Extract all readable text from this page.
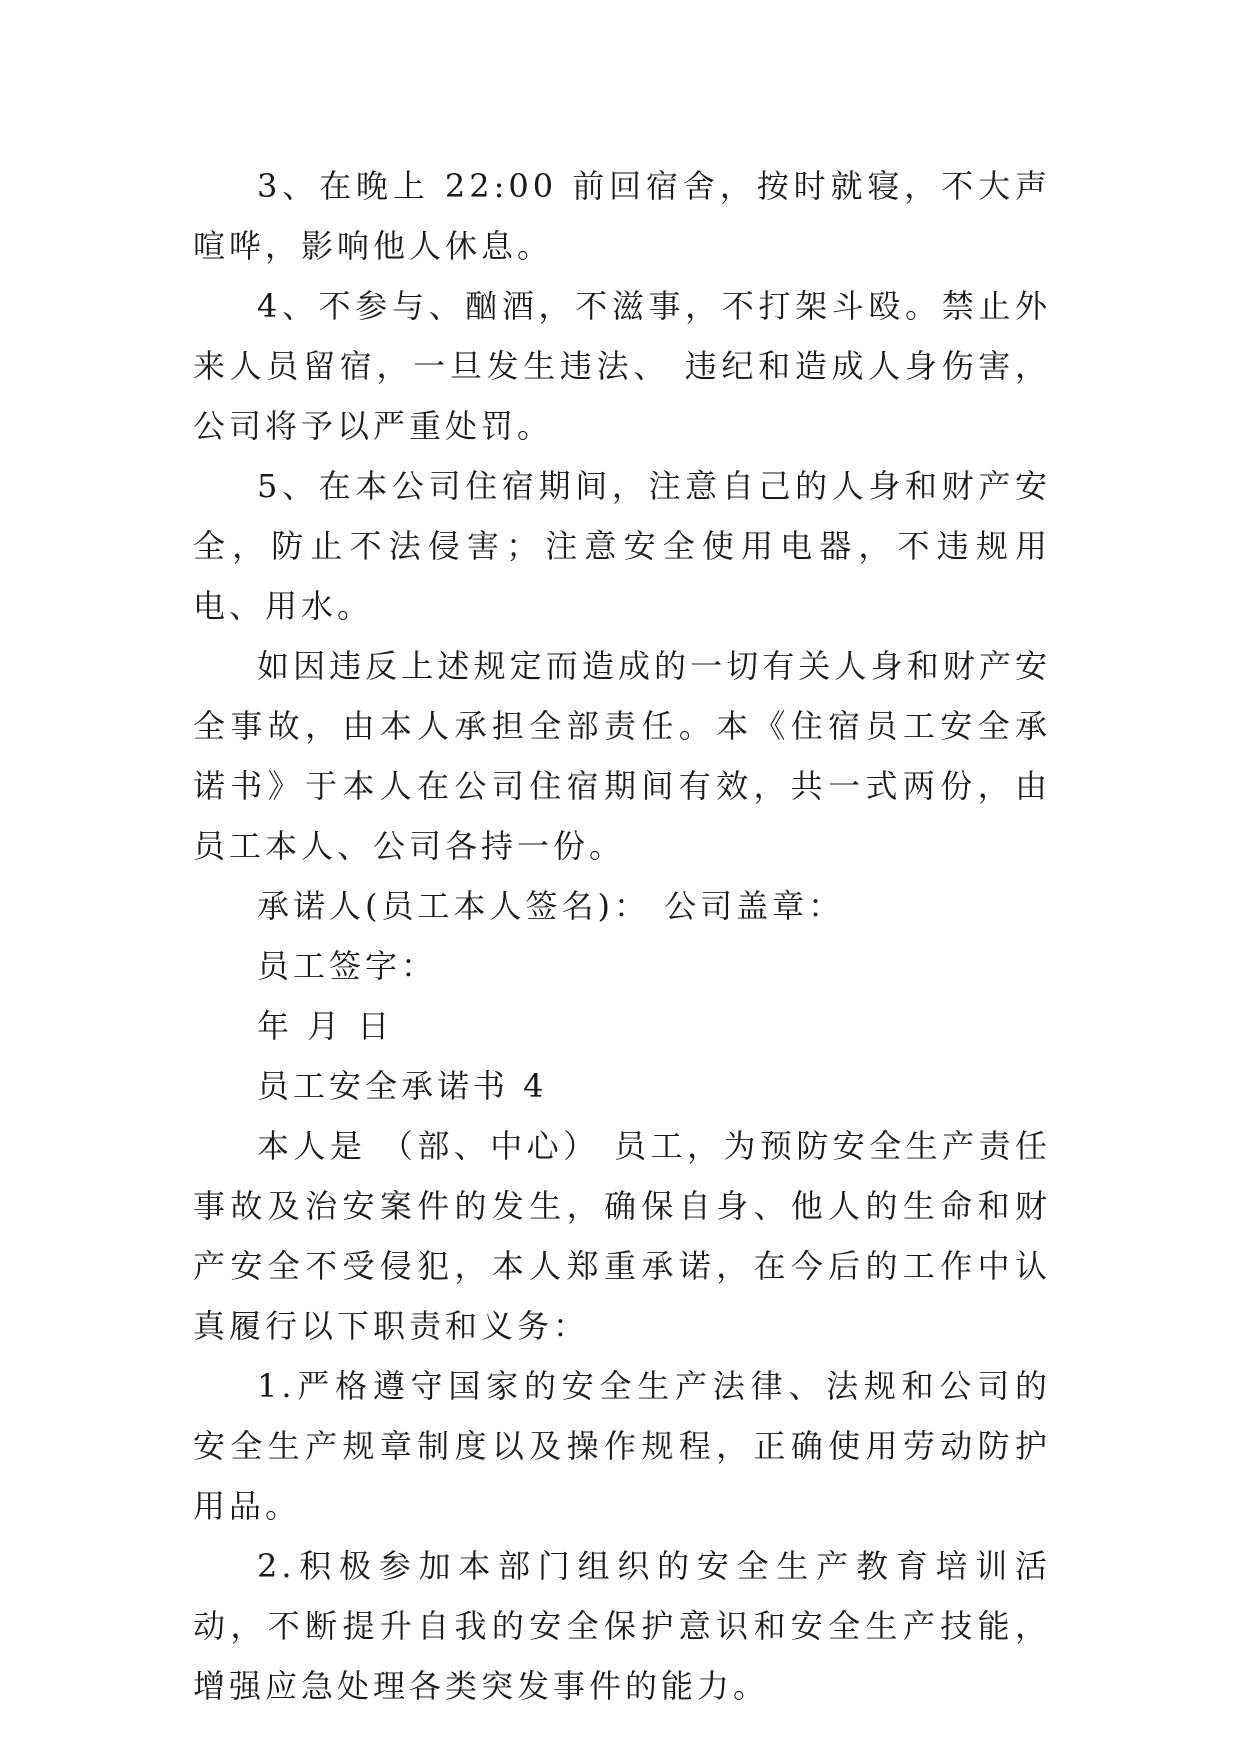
3、在晚上 22:00 前回宿舍，按时就寝，不大声喧哗，影响他人休息。

4、不参与、酗酒，不滋事，不打架斗殴。禁止外来人员留宿，一旦发生违法、 违纪和造成人身伤害，公司将予以严重处罚。

5、在本公司住宿期间，注意自己的人身和财产安全，防止不法侵害；注意安全使用电器，不违规用电、用水。

如因违反上述规定而造成的一切有关人身和财产安全事故，由本人承担全部责任。本《住宿员工安全承诺书》于本人在公司住宿期间有效，共一式两份，由员工本人、公司各持一份。

承诺人(员工本人签名)： 公司盖章：

员工签字：

年 月 日

员工安全承诺书 4

本人是 （部、中心） 员工，为预防安全生产责任事故及治安案件的发生，确保自身、他人的生命和财产安全不受侵犯，本人郑重承诺，在今后的工作中认真履行以下职责和义务：

1.严格遵守国家的安全生产法律、法规和公司的安全生产规章制度以及操作规程，正确使用劳动防护用品。

2.积极参加本部门组织的安全生产教育培训活动，不断提升自我的安全保护意识和安全生产技能，增强应急处理各类突发事件的能力。
